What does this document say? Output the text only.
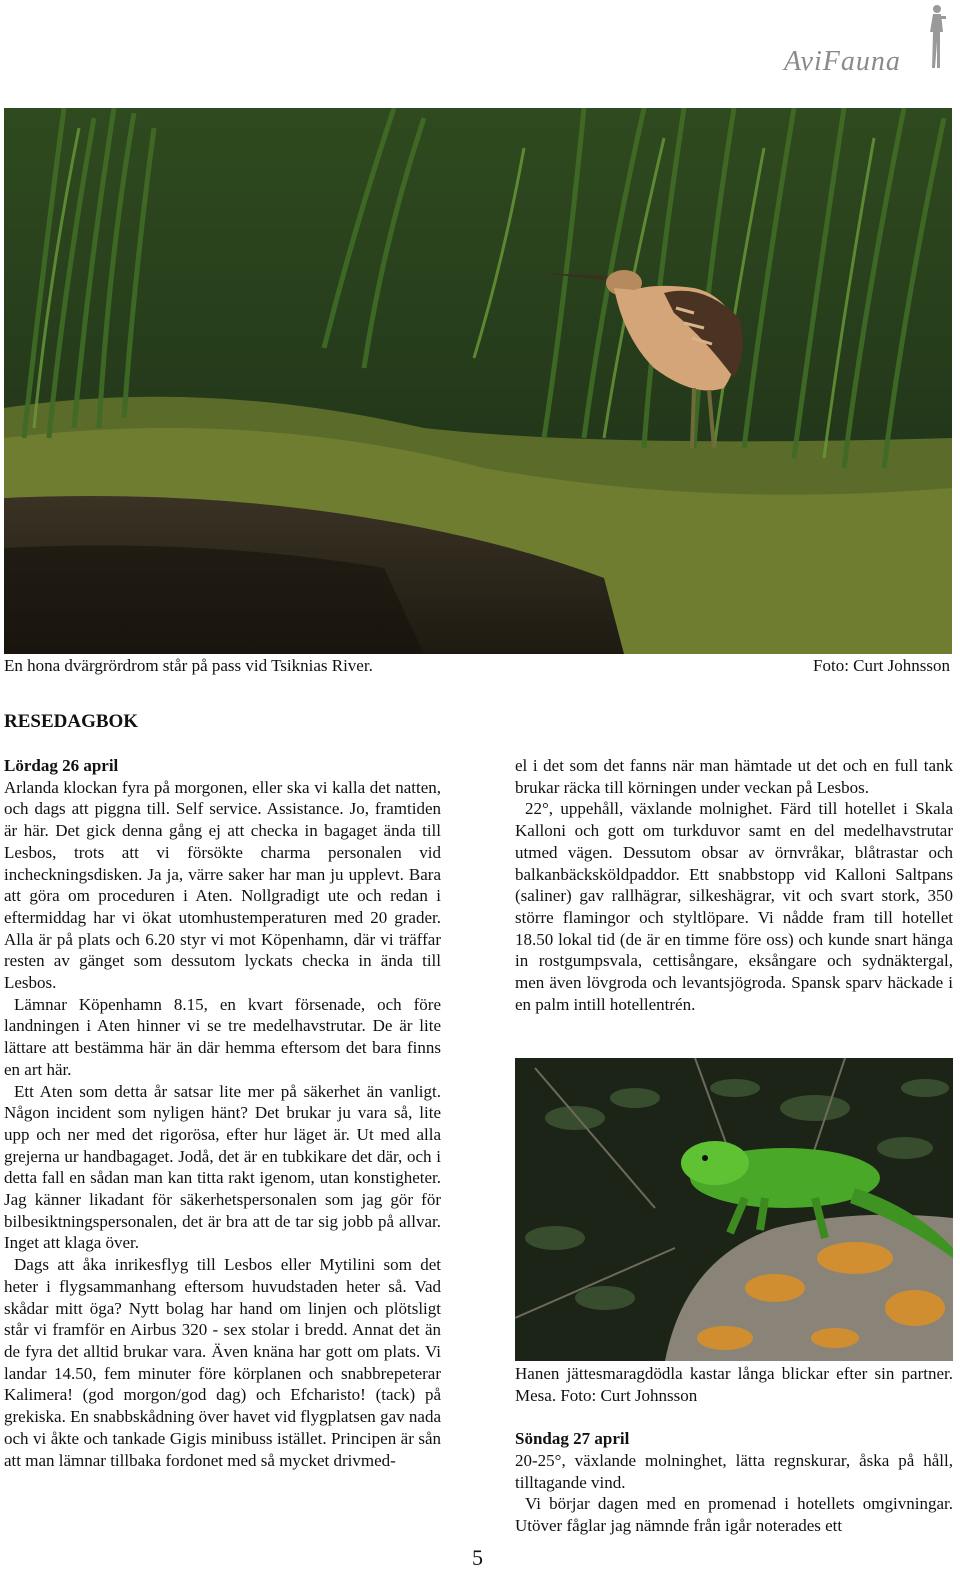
AviFauna
En hona dvärgrördrom står på pass vid Tsiknias River.	Foto: Curt Johnsson
RESEDAGBOK
Lördag 26 april

Arlanda klockan fyra på morgonen, eller ska vi kalla det natten, och dags att piggna till. Self service. Assistance. Jo, framtiden är här. Det gick denna gång ej att checka in bagaget ända till Lesbos, trots att vi försökte charma personalen vid incheckningsdisken. Ja ja, värre saker har man ju upplevt. Bara att göra om proceduren i Aten. Nollgradigt ute och redan i eftermiddag har vi ökat utomhustemperaturen med 20 grader. Alla är på plats och 6.20 styr vi mot Köpenhamn, där vi träffar resten av gänget som dessutom lyckats checka in ända till Lesbos.

Lämnar Köpenhamn 8.15, en kvart försenade, och före landningen i Aten hinner vi se tre medelhavstrutar. De är lite lättare att bestämma här än där hemma eftersom det bara finns en art här.

Ett Aten som detta år satsar lite mer på säkerhet än vanligt. Någon incident som nyligen hänt? Det brukar ju vara så, lite upp och ner med det rigorösa, efter hur läget är. Ut med alla grejerna ur handbagaget. Jodå, det är en tubkikare det där, och i detta fall en sådan man kan titta rakt igenom, utan konstigheter. Jag känner likadant för säkerhetspersonalen som jag gör för bilbesiktningspersonalen, det är bra att de tar sig jobb på allvar. Inget att klaga över.

Dags att åka inrikesflyg till Lesbos eller Mytilini som det heter i flygsammanhang eftersom huvudstaden heter så. Vad skådar mitt öga? Nytt bolag har hand om linjen och plötsligt står vi framför en Airbus 320 - sex stolar i bredd. Annat det än de fyra det alltid brukar vara. Även knäna har gott om plats. Vi landar 14.50, fem minuter före körplanen och snabbrepeterar Kalimera! (god morgon/god dag) och Efcharisto! (tack) på grekiska. En snabbskådning över havet vid flygplatsen gav nada och vi åkte och tankade Gigis minibuss istället. Principen är sån att man lämnar tillbaka fordonet med så mycket drivmed-

el i det som det fanns när man hämtade ut det och en full tank brukar räcka till körningen under veckan på Lesbos.

22°, uppehåll, växlande molnighet. Färd till hotellet i Skala Kalloni och gott om turkduvor samt en del medelhavstrutar utmed vägen. Dessutom obsar av örnvråkar, blåtrastar och balkanbäcksköldpaddor. Ett snabbstopp vid Kalloni Saltpans (saliner) gav rallhägrar, silkeshägrar, vit och svart stork, 350 större flamingor och styltlöpare. Vi nådde fram till hotellet 18.50 lokal tid (de är en timme före oss) och kunde snart hänga in rostgumpsvala, cettisångare, eksångare och sydnäktergal, men även lövgroda och levantsjögroda. Spansk sparv häckade i en palm intill hotellentrén.

Hanen jättesmaragdödla kastar långa blickar efter sin partner. Mesa. Foto: Curt Johnsson

Söndag 27 april

20-25°, växlande molninghet, lätta regnskurar, åska på håll, tilltagande vind.

Vi börjar dagen med en promenad i hotellets omgivningar. Utöver fåglar jag nämnde från igår noterades ett

5
